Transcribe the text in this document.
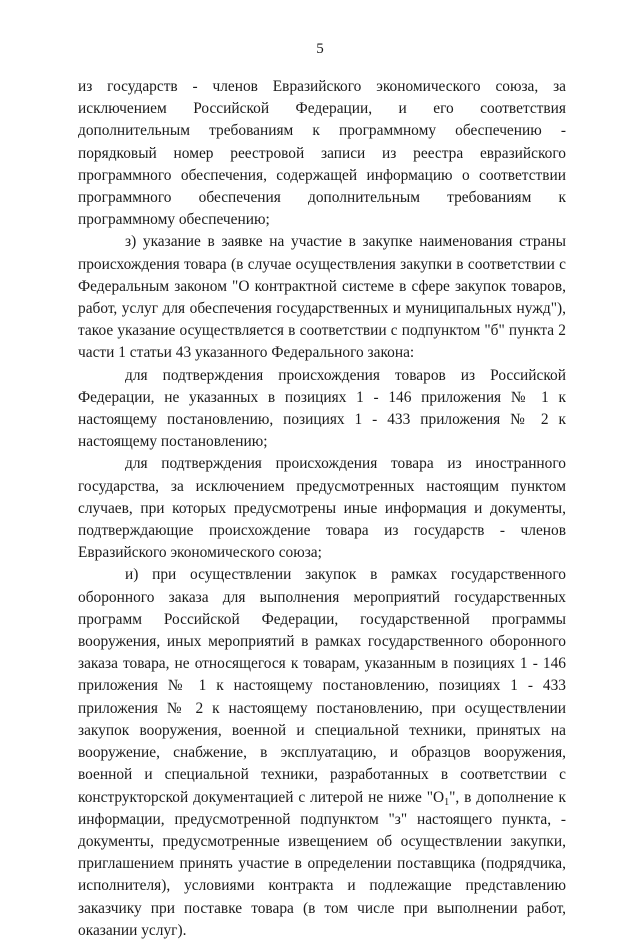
5

из государств - членов Евразийского экономического союза, за исключением Российской Федерации, и его соответствия дополнительным требованиям к программному обеспечению - порядковый номер реестровой записи из реестра евразийского программного обеспечения, содержащей информацию о соответствии программного обеспечения дополнительным требованиям к программному обеспечению;

з) указание в заявке на участие в закупке наименования страны происхождения товара (в случае осуществления закупки в соответствии с Федеральным законом "О контрактной системе в сфере закупок товаров, работ, услуг для обеспечения государственных и муниципальных нужд"), такое указание осуществляется в соответствии с подпунктом "б" пункта 2 части 1 статьи 43 указанного Федерального закона:

для подтверждения происхождения товаров из Российской Федерации, не указанных в позициях 1 - 146 приложения № 1 к настоящему постановлению, позициях 1 - 433 приложения № 2 к настоящему постановлению;

для подтверждения происхождения товара из иностранного государства, за исключением предусмотренных настоящим пунктом случаев, при которых предусмотрены иные информация и документы, подтверждающие происхождение товара из государств - членов Евразийского экономического союза;

и) при осуществлении закупок в рамках государственного оборонного заказа для выполнения мероприятий государственных программ Российской Федерации, государственной программы вооружения, иных мероприятий в рамках государственного оборонного заказа товара, не относящегося к товарам, указанным в позициях 1 - 146 приложения № 1 к настоящему постановлению, позициях 1 - 433 приложения № 2 к настоящему постановлению, при осуществлении закупок вооружения, военной и специальной техники, принятых на вооружение, снабжение, в эксплуатацию, и образцов вооружения, военной и специальной техники, разработанных в соответствии с конструкторской документацией с литерой не ниже "$О_1$", в дополнение к информации, предусмотренной подпунктом "з" настоящего пункта, - документы, предусмотренные извещением об осуществлении закупки, приглашением принять участие в определении поставщика (подрядчика, исполнителя), условиями контракта и подлежащие представлению заказчику при поставке товара (в том числе при выполнении работ, оказании услуг).
